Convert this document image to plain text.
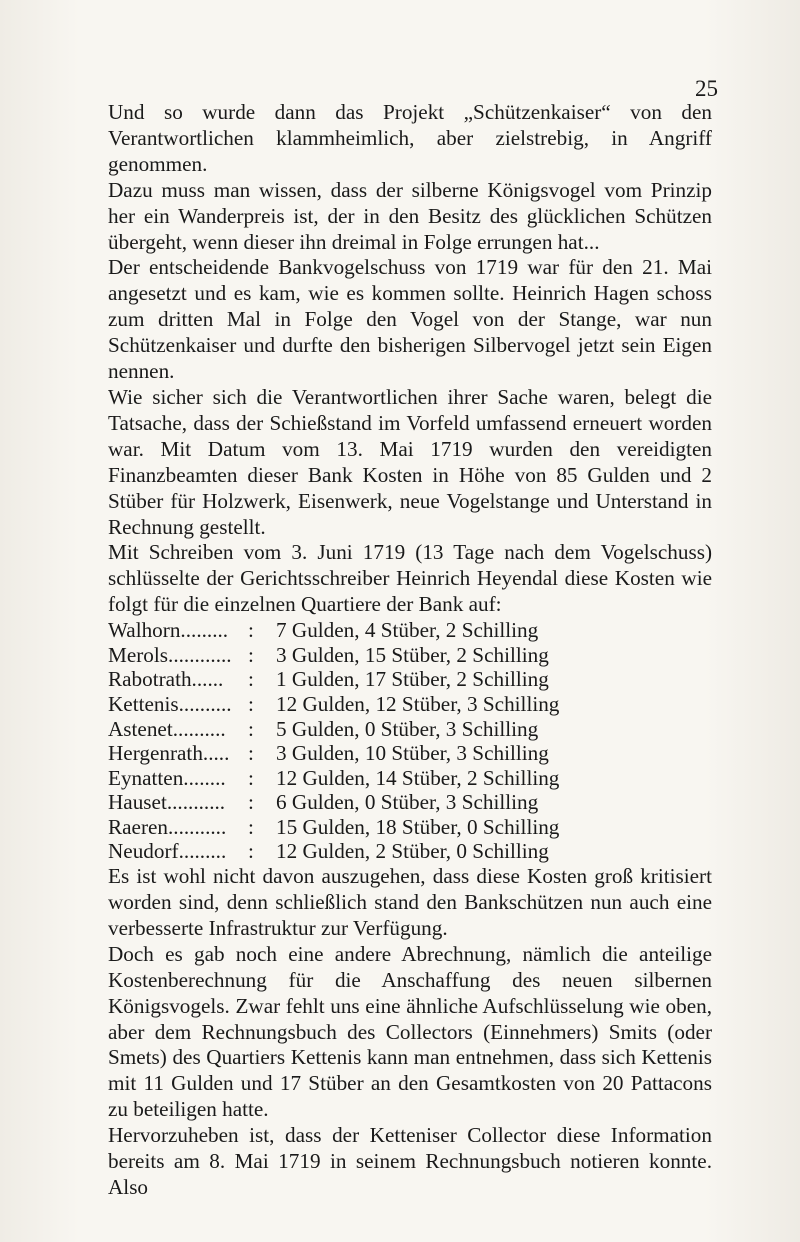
25

Und so wurde dann das Projekt „Schützenkaiser“ von den Verantwortlichen klammheimlich, aber zielstrebig, in Angriff genommen.

Dazu muss man wissen, dass der silberne Königsvogel vom Prinzip her ein Wanderpreis ist, der in den Besitz des glücklichen Schützen übergeht, wenn dieser ihn dreimal in Folge errungen hat...

Der entscheidende Bankvogelschuss von 1719 war für den 21. Mai angesetzt und es kam, wie es kommen sollte. Heinrich Hagen schoss zum dritten Mal in Folge den Vogel von der Stange, war nun Schützenkaiser und durfte den bisherigen Silbervogel jetzt sein Eigen nennen.

Wie sicher sich die Verantwortlichen ihrer Sache waren, belegt die Tatsache, dass der Schießstand im Vorfeld umfassend erneuert worden war. Mit Datum vom 13. Mai 1719 wurden den vereidigten Finanzbeamten dieser Bank Kosten in Höhe von 85 Gulden und 2 Stüber für Holzwerk, Eisenwerk, neue Vogelstange und Unterstand in Rechnung gestellt.

Mit Schreiben vom 3. Juni 1719 (13 Tage nach dem Vogelschuss) schlüsselte der Gerichtsschreiber Heinrich Heyendal diese Kosten wie folgt für die einzelnen Quartiere der Bank auf:

Walhorn.........	:	7 Gulden, 4 Stüber, 2 Schilling
Merols............	:	3 Gulden, 15 Stüber, 2 Schilling
Rabotrath......	:	1 Gulden, 17 Stüber, 2 Schilling
Kettenis..........	:	12 Gulden, 12 Stüber, 3 Schilling
Astenet..........	:	5 Gulden, 0 Stüber, 3 Schilling
Hergenrath.....	:	3 Gulden, 10 Stüber, 3 Schilling
Eynatten........	:	12 Gulden, 14 Stüber, 2 Schilling
Hauset...........	:	6 Gulden, 0 Stüber, 3 Schilling
Raeren...........	:	15 Gulden, 18 Stüber, 0 Schilling
Neudorf.........	:	12 Gulden, 2 Stüber, 0 Schilling

Es ist wohl nicht davon auszugehen, dass diese Kosten groß kritisiert worden sind, denn schließlich stand den Bankschützen nun auch eine verbesserte Infrastruktur zur Verfügung.

Doch es gab noch eine andere Abrechnung, nämlich die anteilige Kostenberechnung für die Anschaffung des neuen silbernen Königsvogels. Zwar fehlt uns eine ähnliche Aufschlüsselung wie oben, aber dem Rechnungsbuch des Collectors (Einnehmers) Smits (oder Smets) des Quartiers Kettenis kann man entnehmen, dass sich Kettenis mit 11 Gulden und 17 Stüber an den Gesamtkosten von 20 Pattacons zu beteiligen hatte.

Hervorzuheben ist, dass der Ketteniser Collector diese Information bereits am 8. Mai 1719 in seinem Rechnungsbuch notieren konnte. Also
